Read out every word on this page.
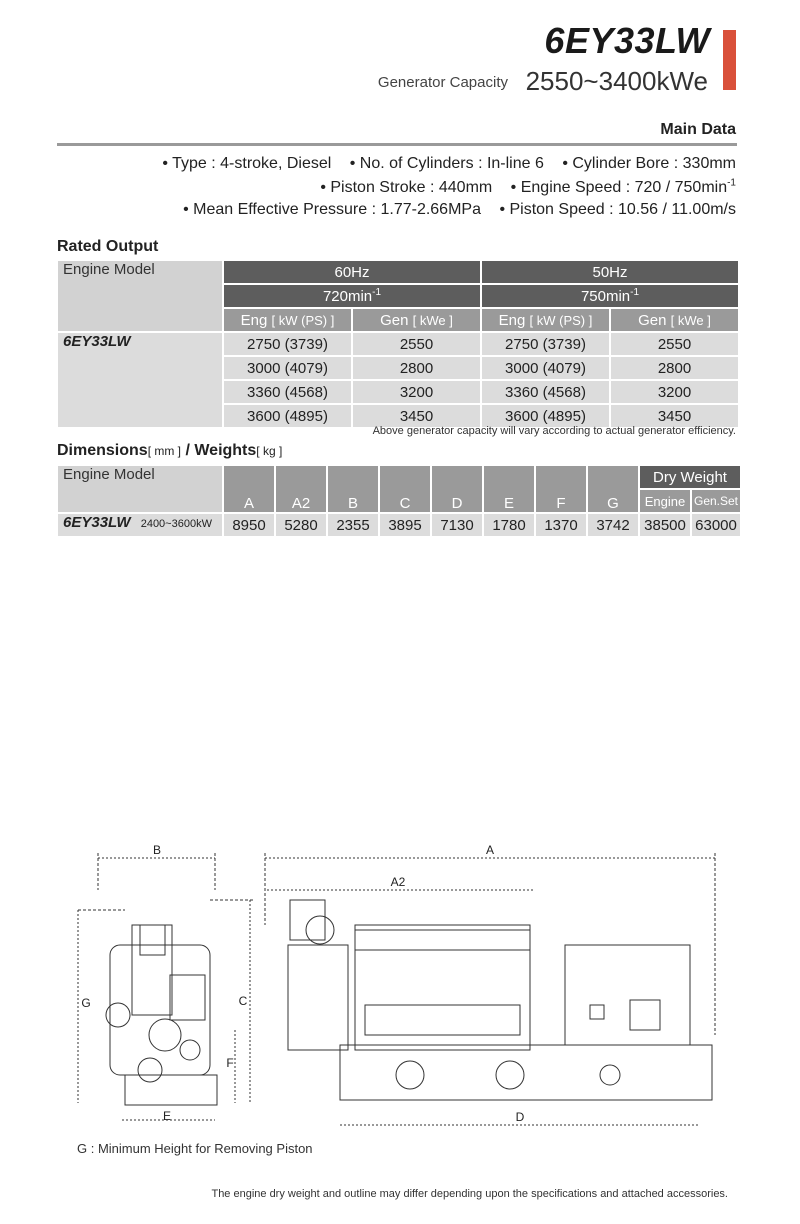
6EY33LW
Generator Capacity 2550~3400kWe
Main Data
• Type : 4-stroke, Diesel • No. of Cylinders : In-line 6 • Cylinder Bore : 330mm
• Piston Stroke : 440mm • Engine Speed : $720 / 750\min^{-1}$
• Mean Effective Pressure : 1.77-2.66MPa • Piston Speed : 10.56 / 11.00m/s
Rated Output
Engine Model	60Hz		50Hz	
	$720\min^{-1}$		$750\min^{-1}$
	Eng [ kW (PS) ]	Gen [ kWe ]	Eng [ kW (PS) ]	Gen [ kWe ]
6EY33LW	2750 (3739)	2550	2750 (3739)	2550
	3000 (4079)	2800	3000 (4079)	2800
	3360 (4568)	3200	3360 (4568)	3200
	3600 (4895)	3450	3600 (4895)	3450
Above generator capacity will vary according to actual generator efficiency.
Dimensions[ mm ] / Weights[ kg ]
Engine Model	A	A2	B	C	D	E	F	G	Dry Weight	
									Engine	Gen.Set
6EY33LW 2400~3600kW	8950	5280	2355	3895	7130	1780	1370	3742	38500	63000
B
G	C
F
E
A
A2
D
G : Minimum Height for Removing Piston
The engine dry weight and outline may differ depending upon the specifications and attached accessories.
